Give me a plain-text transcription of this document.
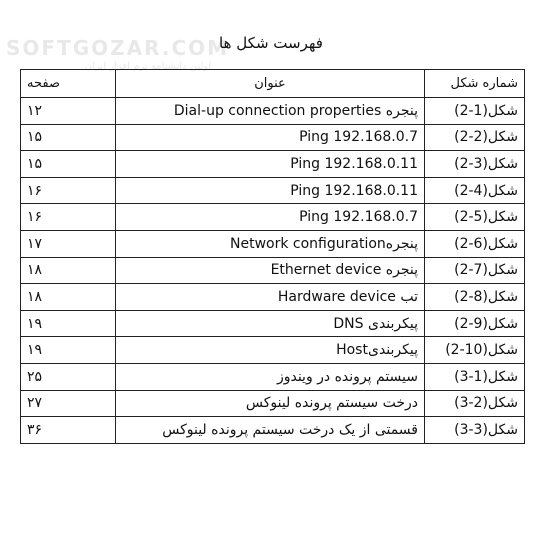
SOFTGOZAR.COM
اولین دانشنامه نرم افزار ایران
فهرست شکل ها
شماره شکل	عنوان	صفحه
شکل(1-2)	پنجره Dial-up connection properties	۱۲
شکل(2-2)	Ping 192.168.0.7	۱۵
شکل(3-2)	Ping 192.168.0.11	۱۵
شکل(4-2)	Ping 192.168.0.11	۱۶
شکل(5-2)	Ping 192.168.0.7	۱۶
شکل(6-2)	پنجرهNetwork configuration	۱۷
شکل(7-2)	پنجره Ethernet device	۱۸
شکل(8-2)	تب Hardware device	۱۸
شکل(9-2)	پیکربندی DNS	۱۹
شکل(10-2)	پیکربندیHost	۱۹
شکل(1-3)	سیستم پرونده در ویندوز	۲۵
شکل(2-3)	درخت سیستم پرونده لینوکس	۲۷
شکل(3-3)	قسمتی از یک درخت سیستم پرونده لینوکس	۳۶
